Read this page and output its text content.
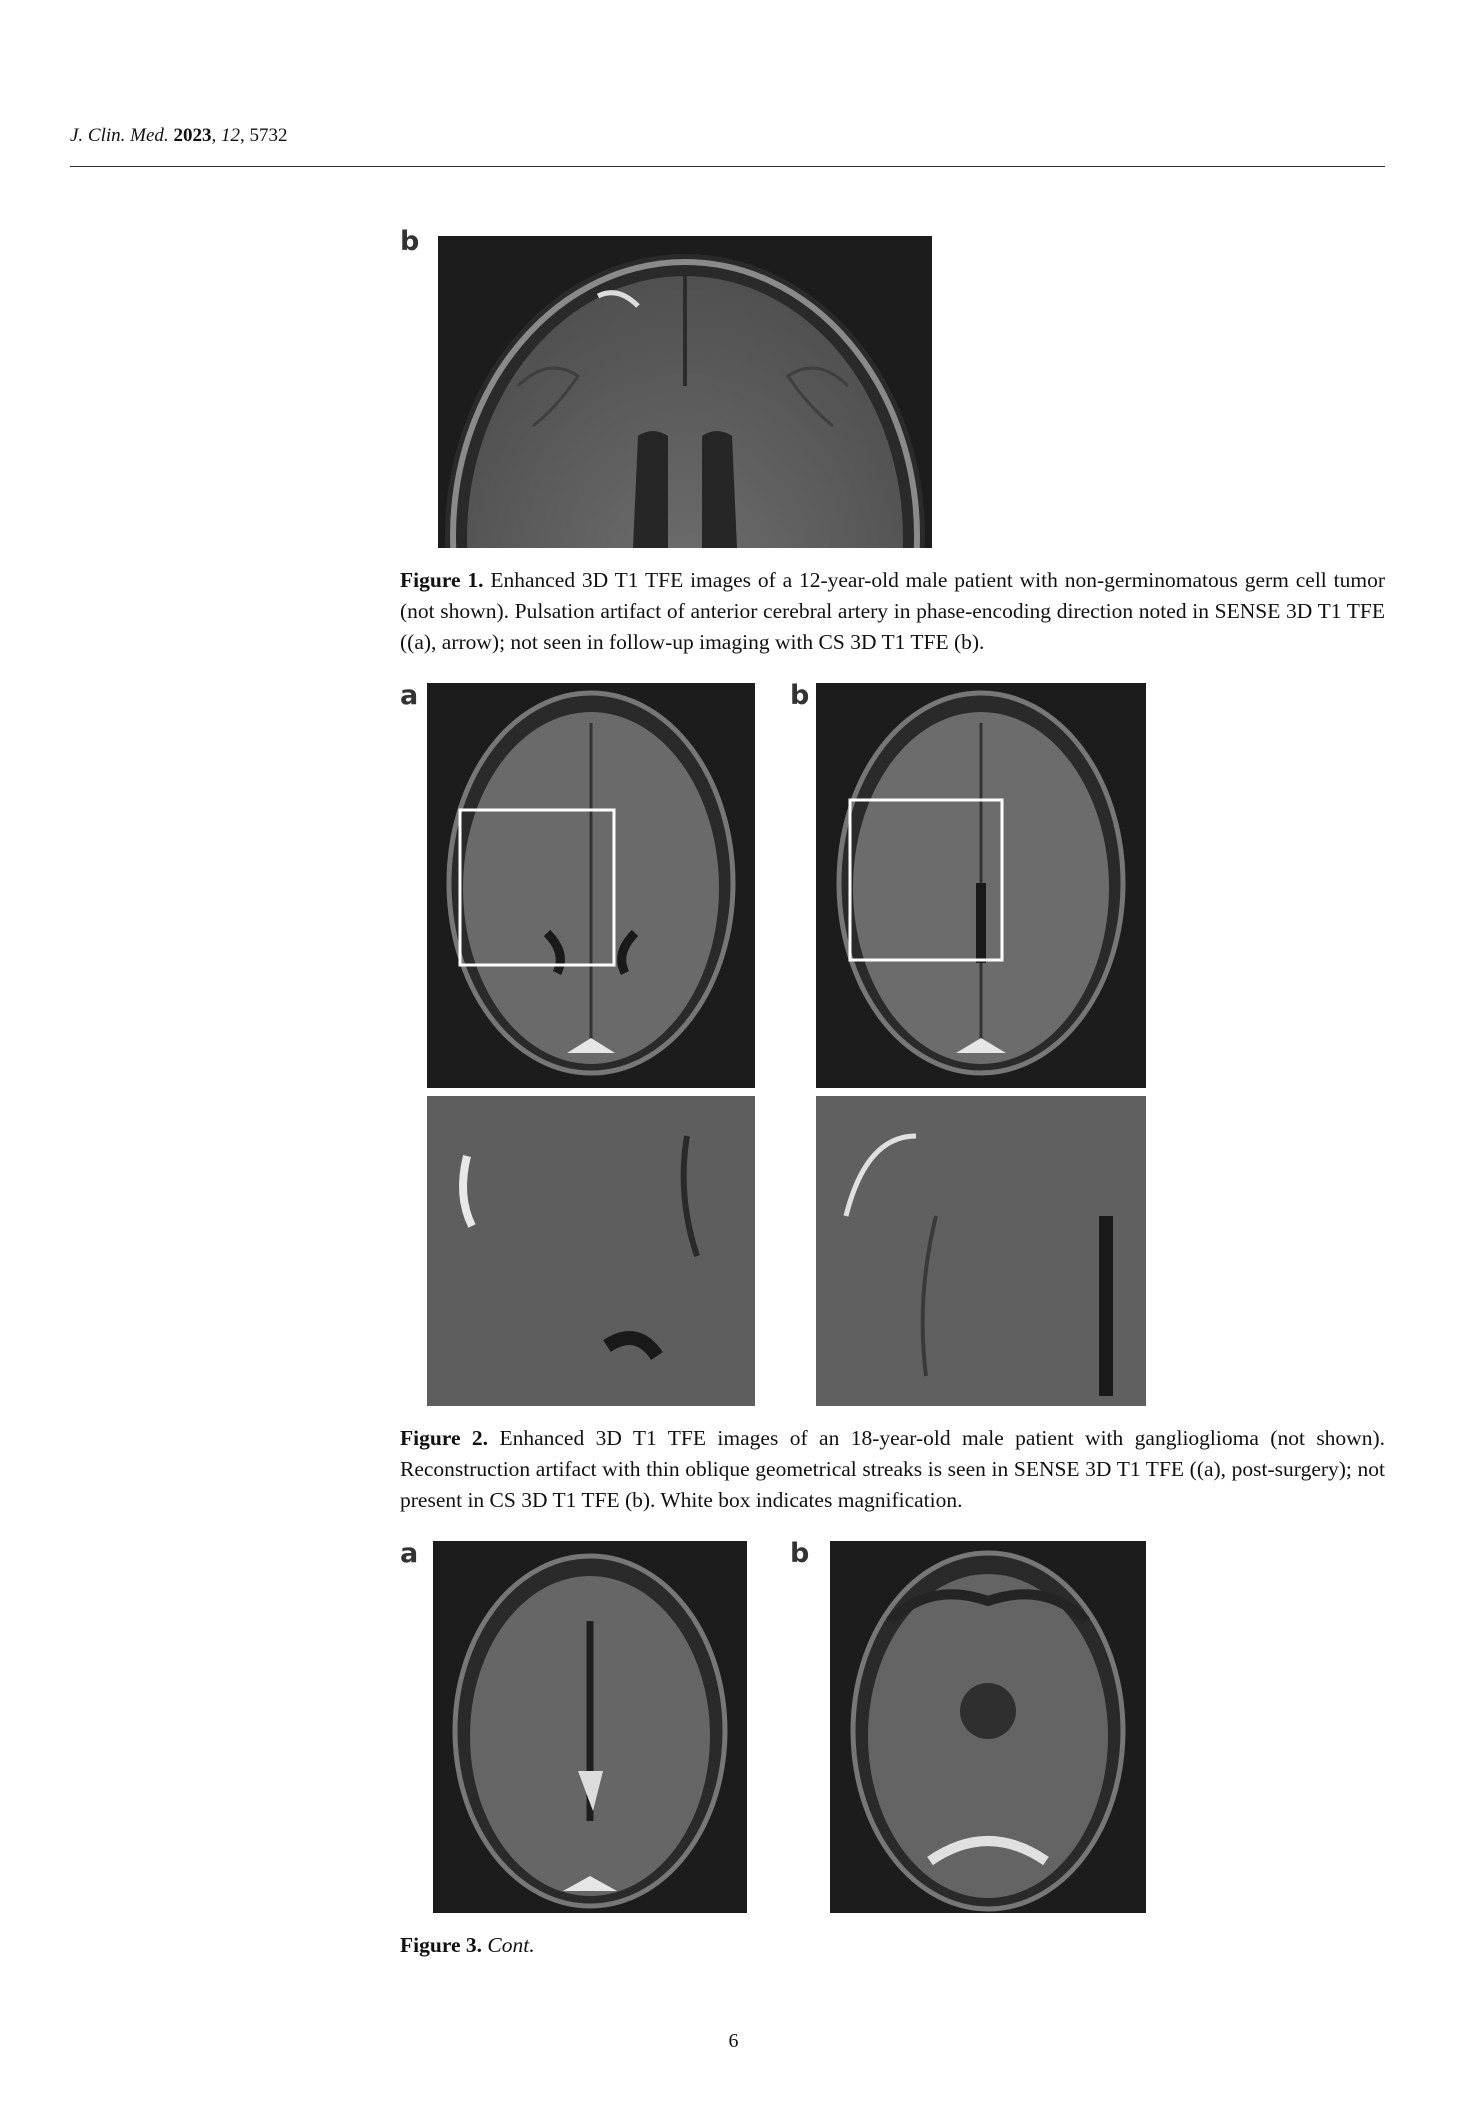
J. Clin. Med. 2023, 12, 5732
b
Figure 1. Enhanced 3D T1 TFE images of a 12-year-old male patient with non-germinomatous germ cell tumor (not shown). Pulsation artifact of anterior cerebral artery in phase-encoding direction noted in SENSE 3D T1 TFE ((a), arrow); not seen in follow-up imaging with CS 3D T1 TFE (b).
a	b
Figure 2. Enhanced 3D T1 TFE images of an 18-year-old male patient with ganglioglioma (not shown). Reconstruction artifact with thin oblique geometrical streaks is seen in SENSE 3D T1 TFE ((a), post-surgery); not present in CS 3D T1 TFE (b). White box indicates magnification.
a	b
Figure 3. Cont.
6
